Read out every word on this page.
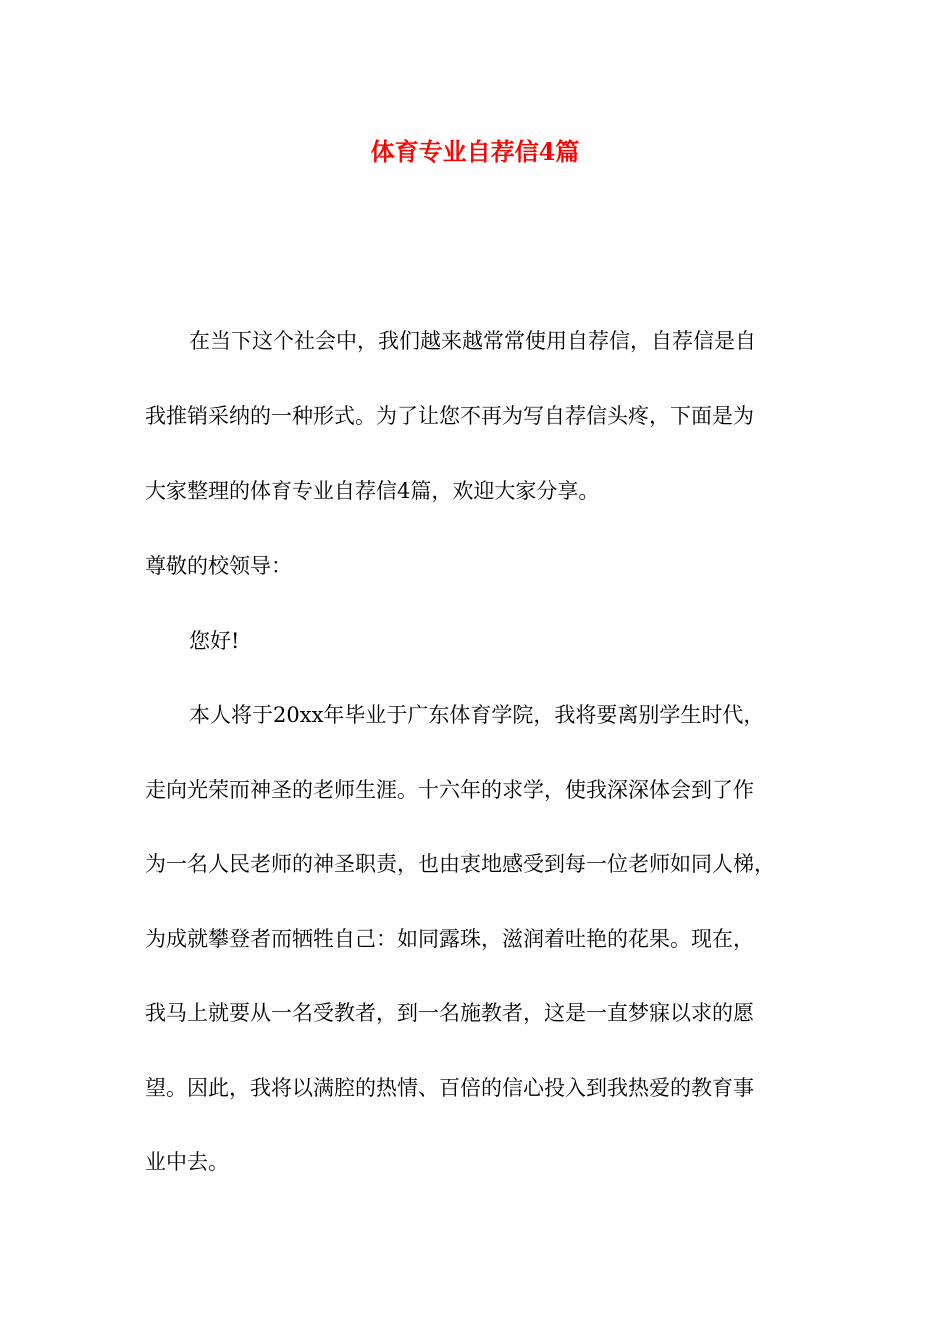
体育专业自荐信4篇

在当下这个社会中，我们越来越常常使用自荐信，自荐信是自

我推销采纳的一种形式。为了让您不再为写自荐信头疼，下面是为

大家整理的体育专业自荐信4篇，欢迎大家分享。

尊敬的校领导：

您好!

本人将于20xx年毕业于广东体育学院，我将要离别学生时代，

走向光荣而神圣的老师生涯。十六年的求学，使我深深体会到了作

为一名人民老师的神圣职责，也由衷地感受到每一位老师如同人梯，

为成就攀登者而牺牲自己：如同露珠，滋润着吐艳的花果。现在，

我马上就要从一名受教者，到一名施教者，这是一直梦寐以求的愿

望。因此，我将以满腔的热情、百倍的信心投入到我热爱的教育事

业中去。
